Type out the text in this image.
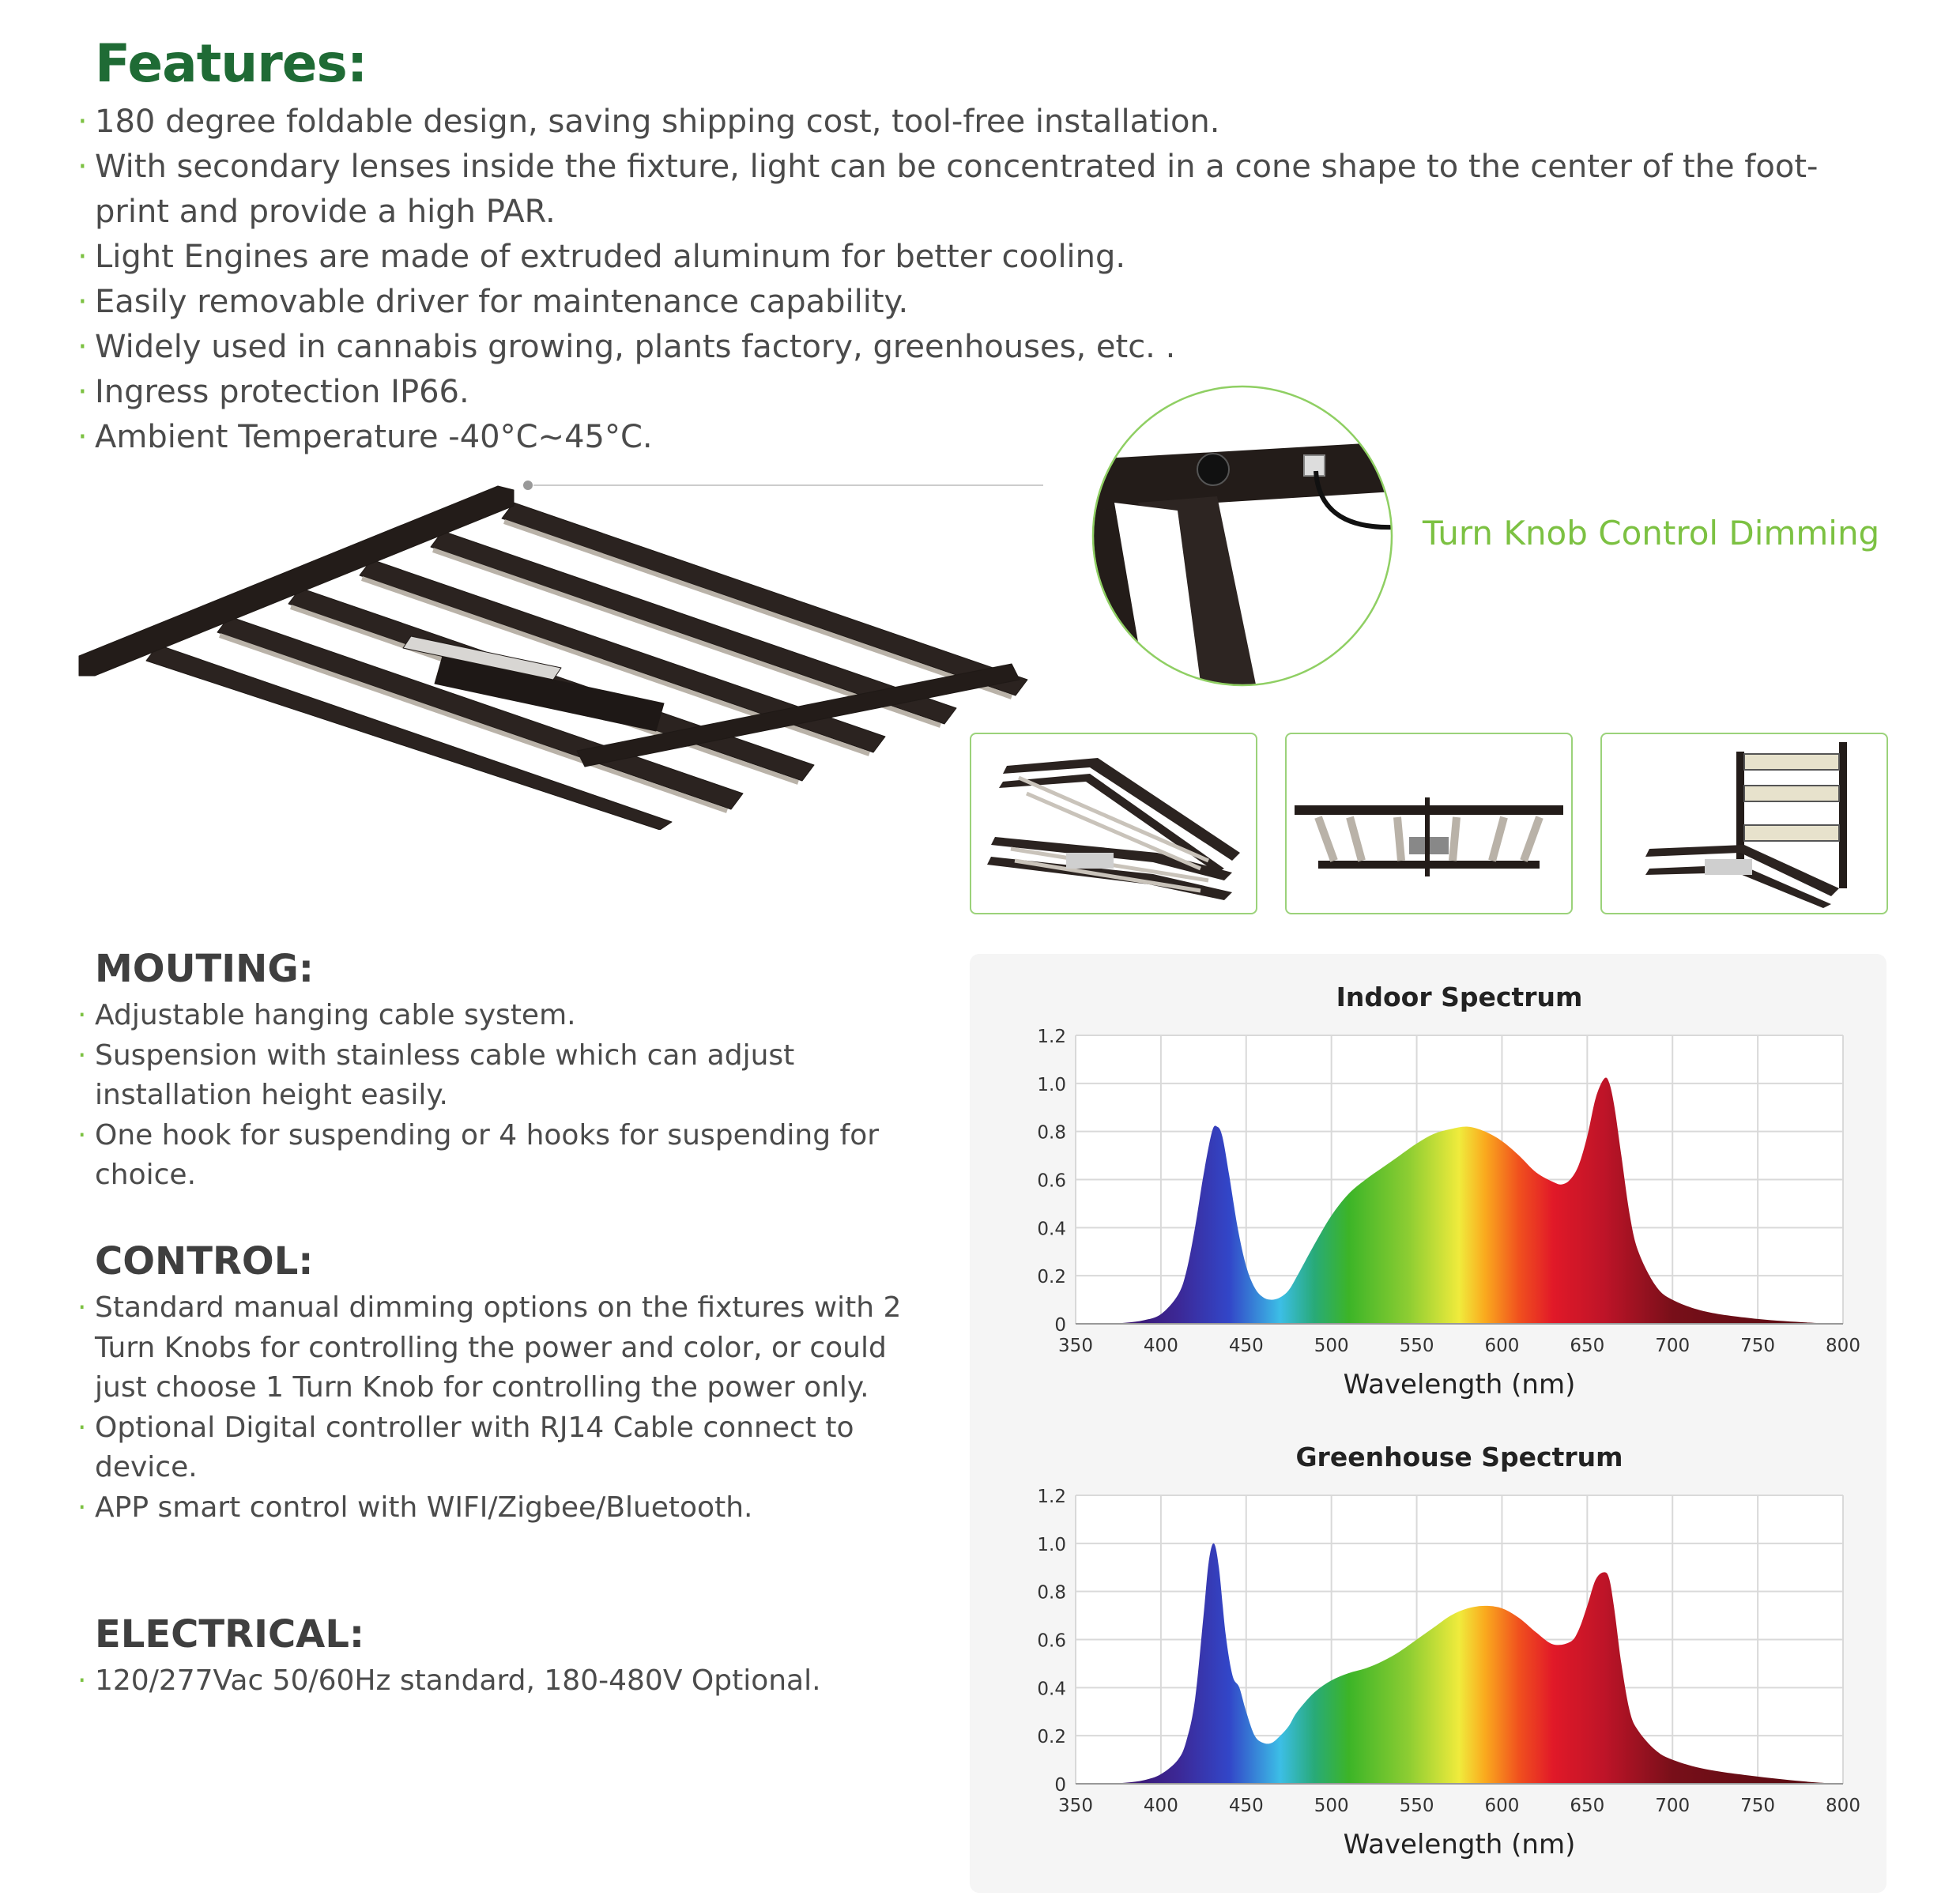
Features:
· 180 degree foldable design, saving shipping cost, tool-free installation.
· With secondary lenses inside the fixture, light can be concentrated in a cone shape to the center of the foot-
print and provide a high PAR.
· Light Engines are made of extruded aluminum for better cooling.
· Easily removable driver for maintenance capability.
· Widely used in cannabis growing, plants factory, greenhouses, etc. .
· Ingress protection IP66.
· Ambient Temperature -40°C~45°C.
Turn Knob Control Dimming
MOUTING:
· Adjustable hanging cable system.
· Suspension with stainless cable which can adjust installation height easily.
· One hook for suspending or 4 hooks for suspending for choice.
CONTROL:
· Standard manual dimming options on the fixtures with 2 Turn Knobs for controlling the power and color, or could just choose 1 Turn Knob for controlling the power only.
· Optional Digital controller with RJ14 Cable connect to device.
· APP smart control with WIFI/Zigbee/Bluetooth.
ELECTRICAL:
· 120/277Vac 50/60Hz standard, 180-480V Optional.
Indoor Spectrum
0
0.2
0.4
0.6
0.8
1.0
1.2
350	400	450	500	550	600	650	700	750	800
Wavelength (nm)
Greenhouse Spectrum
0
0.2
0.4
0.6
0.8
1.0
1.2
350	400	450	500	550	600	650	700	750	800
Wavelength (nm)
